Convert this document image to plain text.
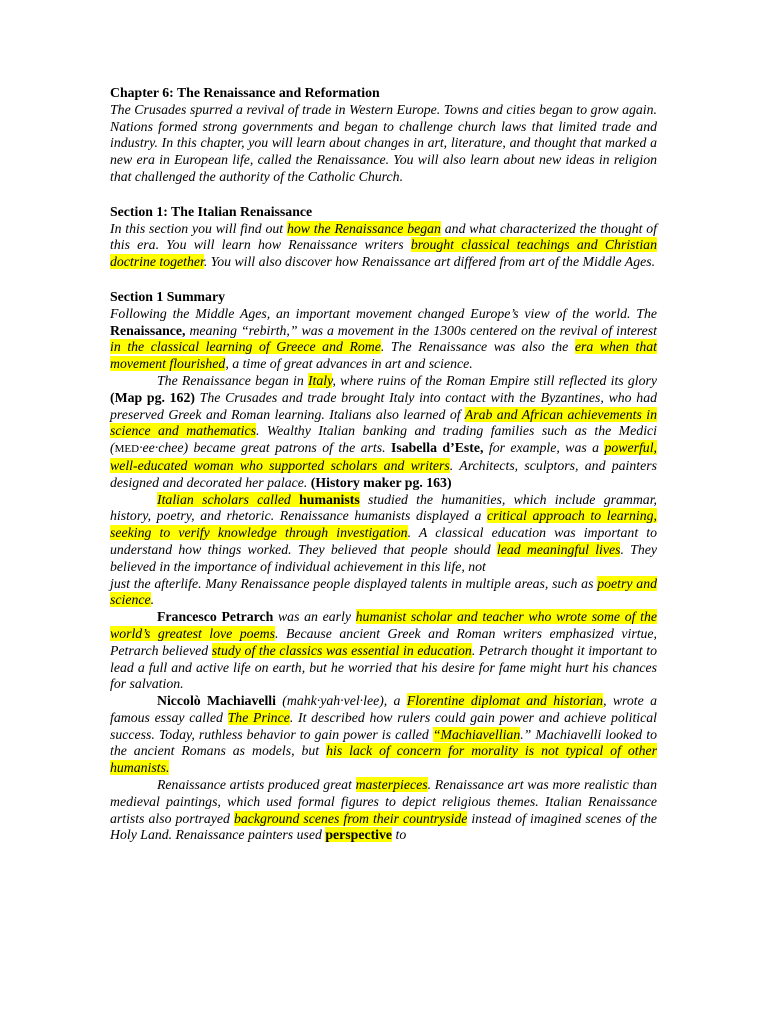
Chapter 6: The Renaissance and Reformation

The Crusades spurred a revival of trade in Western Europe. Towns and cities began to grow again. Nations formed strong governments and began to challenge church laws that limited trade and industry. In this chapter, you will learn about changes in art, literature, and thought that marked a new era in European life, called the Renaissance. You will also learn about new ideas in religion that challenged the authority of the Catholic Church.

Section 1: The Italian Renaissance

In this section you will find out how the Renaissance began and what characterized the thought of this era. You will learn how Renaissance writers brought classical teachings and Christian doctrine together. You will also discover how Renaissance art differed from art of the Middle Ages.

Section 1 Summary

Following the Middle Ages, an important movement changed Europe’s view of the world. The Renaissance, meaning “rebirth,” was a movement in the 1300s centered on the revival of interest in the classical learning of Greece and Rome. The Renaissance was also the era when that movement flourished, a time of great advances in art and science.

The Renaissance began in Italy, where ruins of the Roman Empire still reflected its glory (Map pg. 162) The Crusades and trade brought Italy into contact with the Byzantines, who had preserved Greek and Roman learning. Italians also learned of Arab and African achievements in science and mathematics. Wealthy Italian banking and trading families such as the Medici (MED·ee·chee) became great patrons of the arts. Isabella d’Este, for example, was a powerful, well-educated woman who supported scholars and writers. Architects, sculptors, and painters designed and decorated her palace. (History maker pg. 163)

Italian scholars called humanists studied the humanities, which include grammar, history, poetry, and rhetoric. Renaissance humanists displayed a critical approach to learning, seeking to verify knowledge through investigation. A classical education was important to understand how things worked. They believed that people should lead meaningful lives. They believed in the importance of individual achievement in this life, not

just the afterlife. Many Renaissance people displayed talents in multiple areas, such as poetry and science.

Francesco Petrarch was an early humanist scholar and teacher who wrote some of the world’s greatest love poems. Because ancient Greek and Roman writers emphasized virtue, Petrarch believed study of the classics was essential in education. Petrarch thought it important to lead a full and active life on earth, but he worried that his desire for fame might hurt his chances for salvation.

Niccolò Machiavelli (mahk·yah·vel·lee), a Florentine diplomat and historian, wrote a famous essay called The Prince. It described how rulers could gain power and achieve political success. Today, ruthless behavior to gain power is called “Machiavellian.” Machiavelli looked to the ancient Romans as models, but his lack of concern for morality is not typical of other humanists.

Renaissance artists produced great masterpieces. Renaissance art was more realistic than medieval paintings, which used formal figures to depict religious themes. Italian Renaissance artists also portrayed background scenes from their countryside instead of imagined scenes of the Holy Land. Renaissance painters used perspective to
